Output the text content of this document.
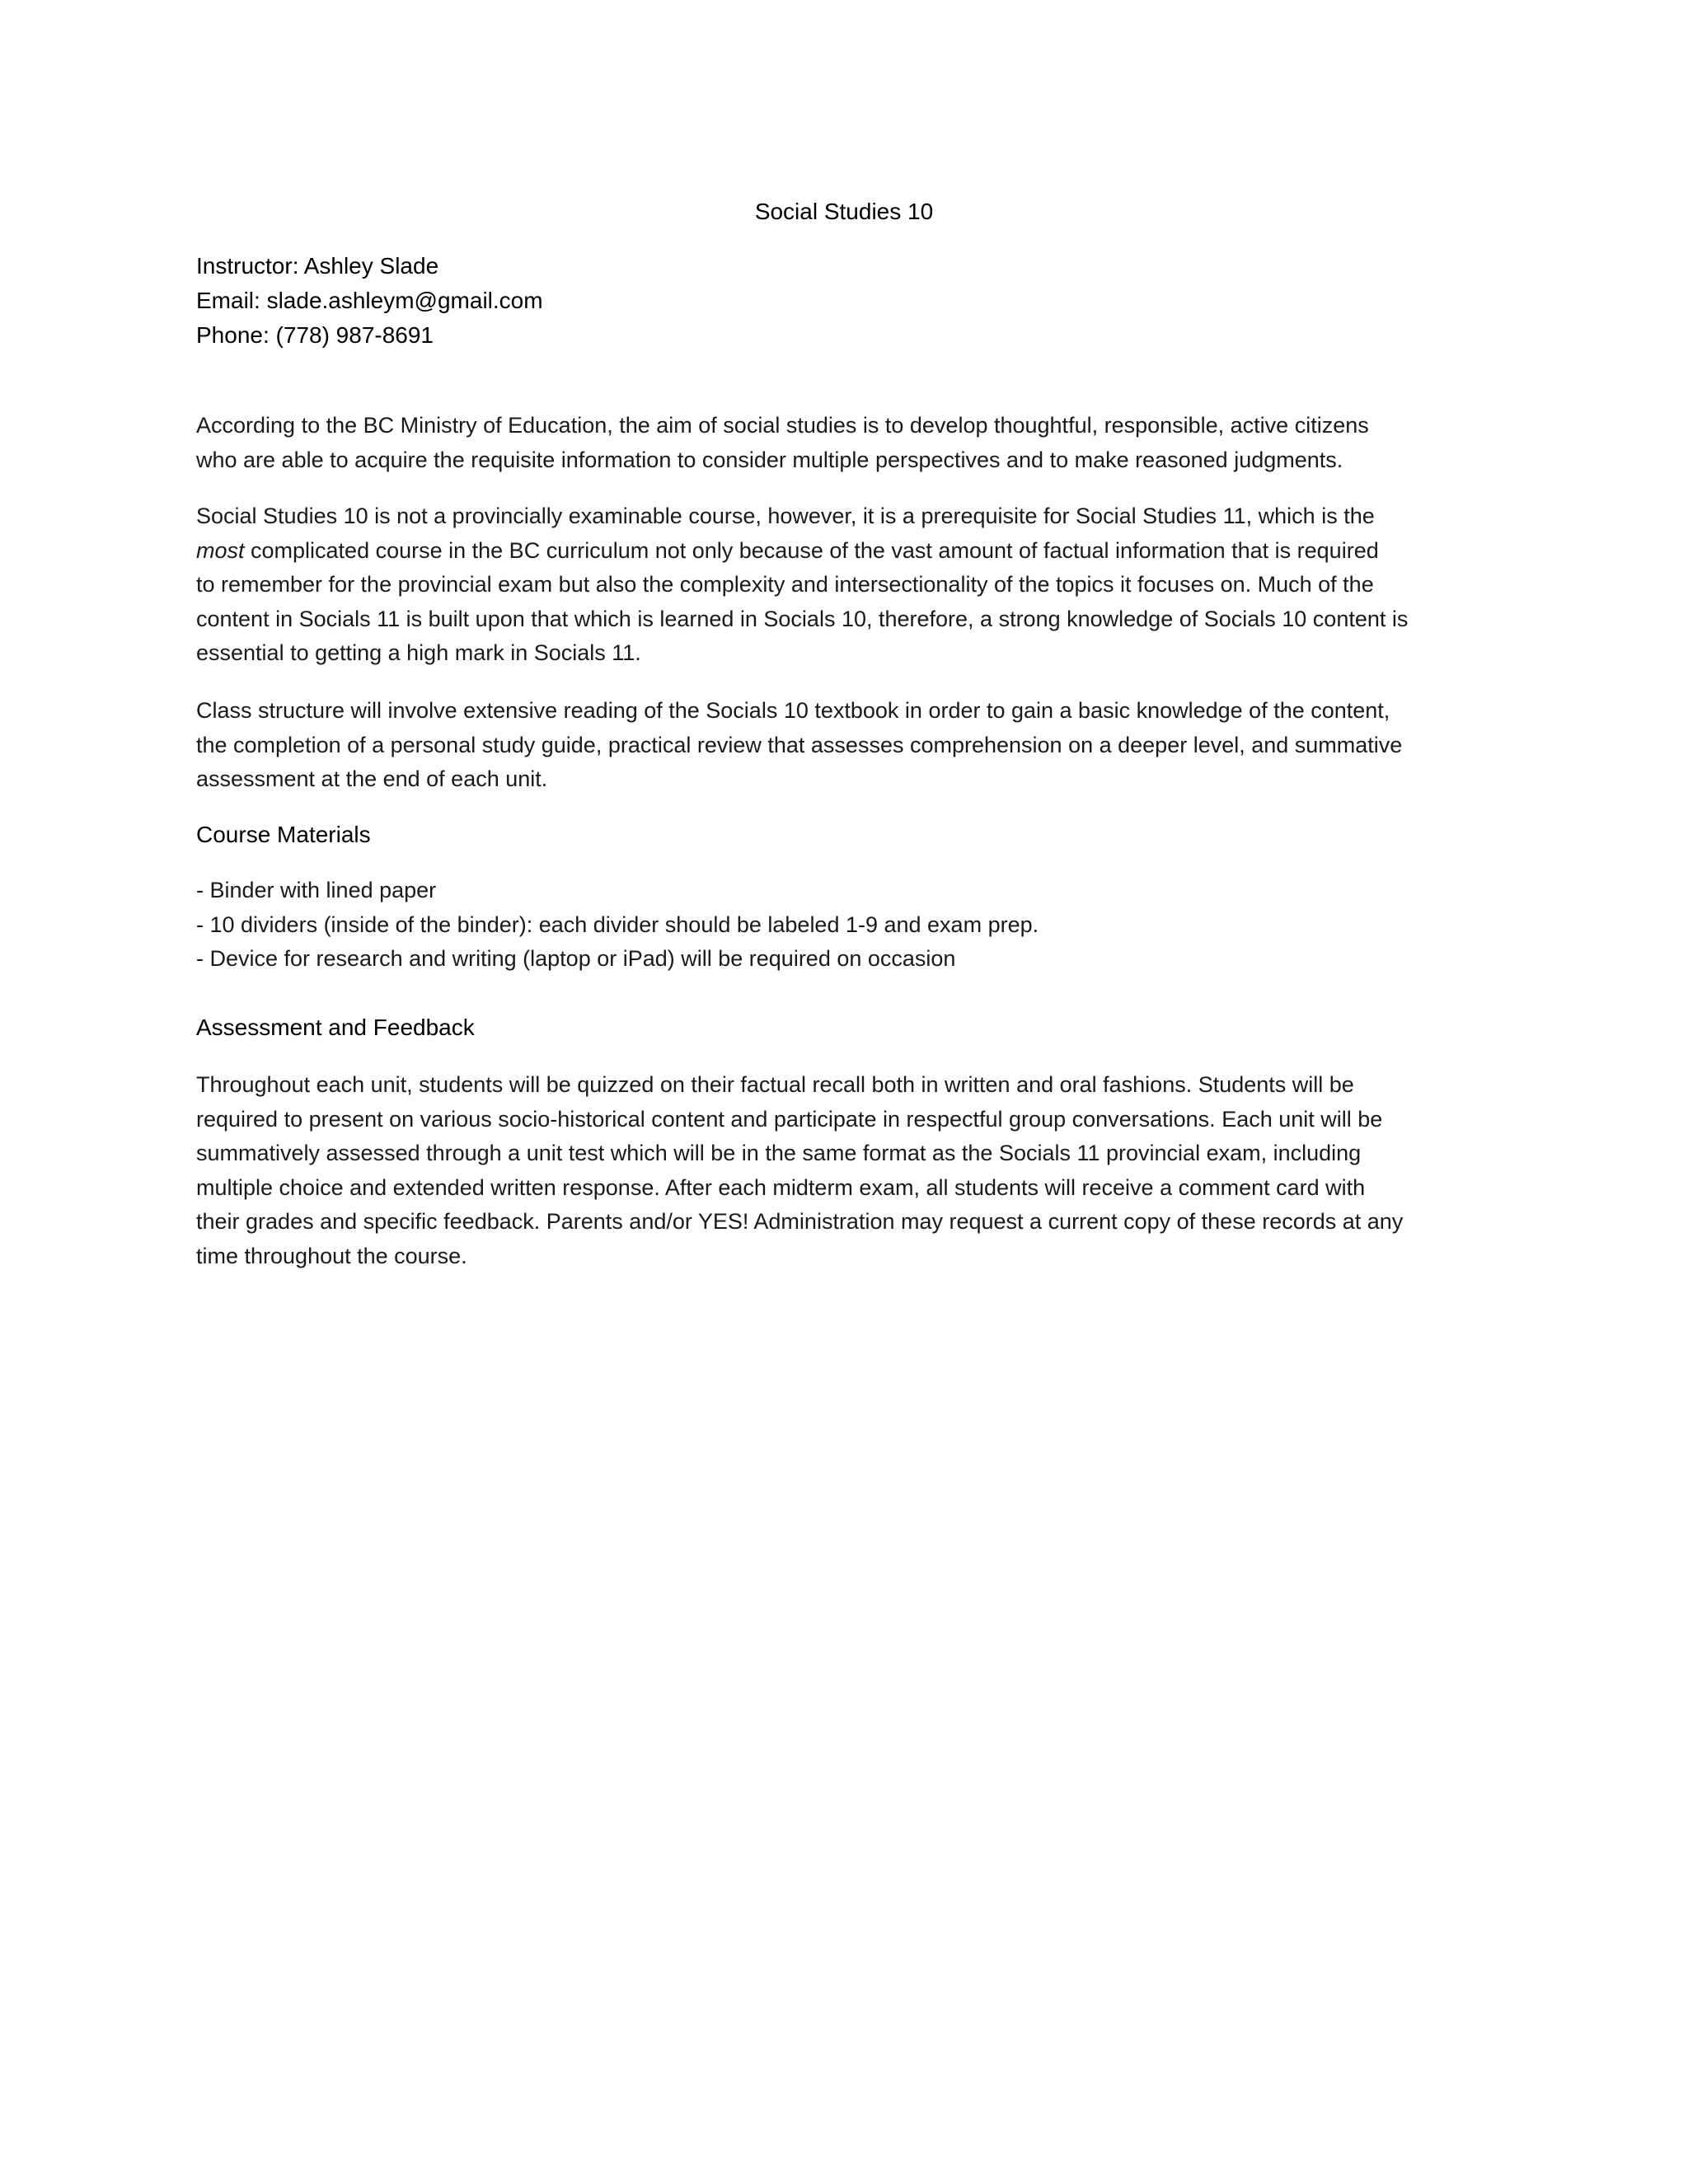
Social Studies 10
Instructor: Ashley Slade
Email: slade.ashleym@gmail.com
Phone: (778) 987-8691
According to the BC Ministry of Education, the aim of social studies is to develop thoughtful, responsible, active citizens
who are able to acquire the requisite information to consider multiple perspectives and to make reasoned judgments.
Social Studies 10 is not a provincially examinable course, however, it is a prerequisite for Social Studies 11, which is the
most complicated course in the BC curriculum not only because of the vast amount of factual information that is required
to remember for the provincial exam but also the complexity and intersectionality of the topics it focuses on. Much of the
content in Socials 11 is built upon that which is learned in Socials 10, therefore, a strong knowledge of Socials 10 content is
essential to getting a high mark in Socials 11.
Class structure will involve extensive reading of the Socials 10 textbook in order to gain a basic knowledge of the content,
the completion of a personal study guide, practical review that assesses comprehension on a deeper level, and summative
assessment at the end of each unit.
Course Materials
- Binder with lined paper
- 10 dividers (inside of the binder): each divider should be labeled 1-9 and exam prep.
- Device for research and writing (laptop or iPad) will be required on occasion
Assessment and Feedback
Throughout each unit, students will be quizzed on their factual recall both in written and oral fashions. Students will be
required to present on various socio-historical content and participate in respectful group conversations. Each unit will be
summatively assessed through a unit test which will be in the same format as the Socials 11 provincial exam, including
multiple choice and extended written response. After each midterm exam, all students will receive a comment card with
their grades and specific feedback. Parents and/or YES! Administration may request a current copy of these records at any
time throughout the course.
